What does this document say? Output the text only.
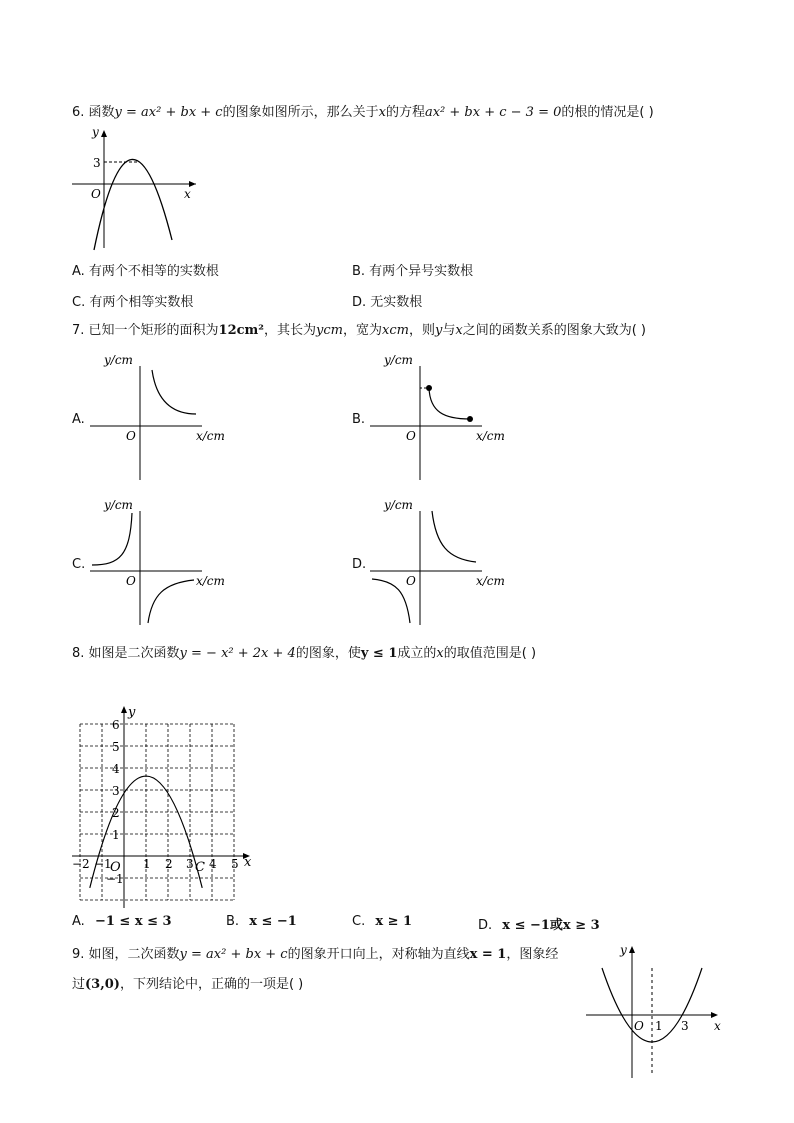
6. 函数y = ax² + bx + c的图象如图所示，那么关于x的方程ax² + bx + c − 3 = 0的根的情况是( )
y
x
O
3
A. 有两个不相等的实数根	B. 有两个异号实数根
C. 有两个相等实数根	D. 无实数根
7. 已知一个矩形的面积为12cm²，其长为ycm，宽为xcm，则y与x之间的函数关系的图象大致为( )
A.
y/cm
x/cm
O
B.
y/cm
x/cm
O
C.
y/cm
x/cm
O
D.
y/cm
x/cm
O
8. 如图是二次函数y = − x² + 2x + 4的图象，使y ≤ 1成立的x的取值范围是( )
y
x
O	C
−2 −1	1 2 3 4 5
6
5
4
3
2
1
−1
A. −1 ≤ x ≤ 3	B. x ≤ −1	C. x ≥ 1	D. x ≤ −1或x ≥ 3
9. 如图，二次函数y = ax² + bx + c的图象开口向上，对称轴为直线x = 1，图象经
过(3,0)，下列结论中，正确的一项是( )
y
x
O 1 3
